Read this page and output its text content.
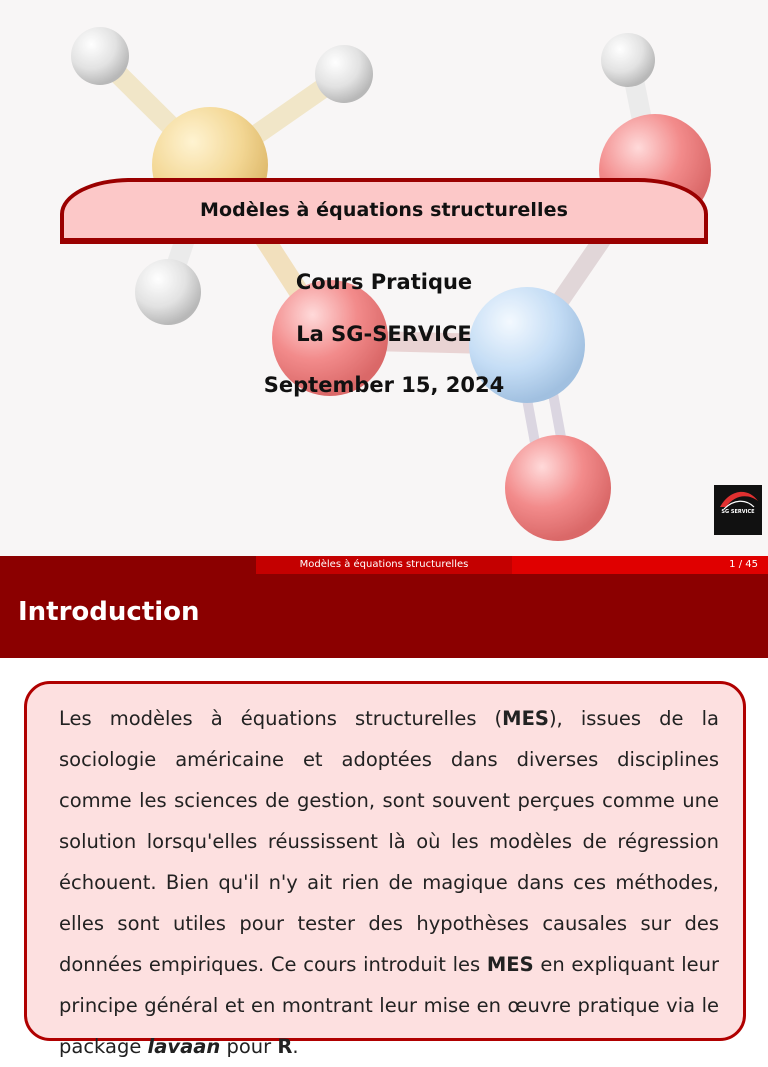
Modèles à équations structurelles
Cours Pratique
La SG-SERVICE
September 15, 2024
SG SERVICE
Modèles à équations structurelles	1 / 45
Introduction

Les modèles à équations structurelles (MES), issues de la sociologie américaine et adoptées dans diverses disciplines comme les sciences de gestion, sont souvent perçues comme une solution lorsqu'elles réussissent là où les modèles de régression échouent. Bien qu'il n'y ait rien de magique dans ces méthodes, elles sont utiles pour tester des hypothèses causales sur des données empiriques. Ce cours introduit les MES en expliquant leur principe général et en montrant leur mise en œuvre pratique via le package lavaan pour R.
